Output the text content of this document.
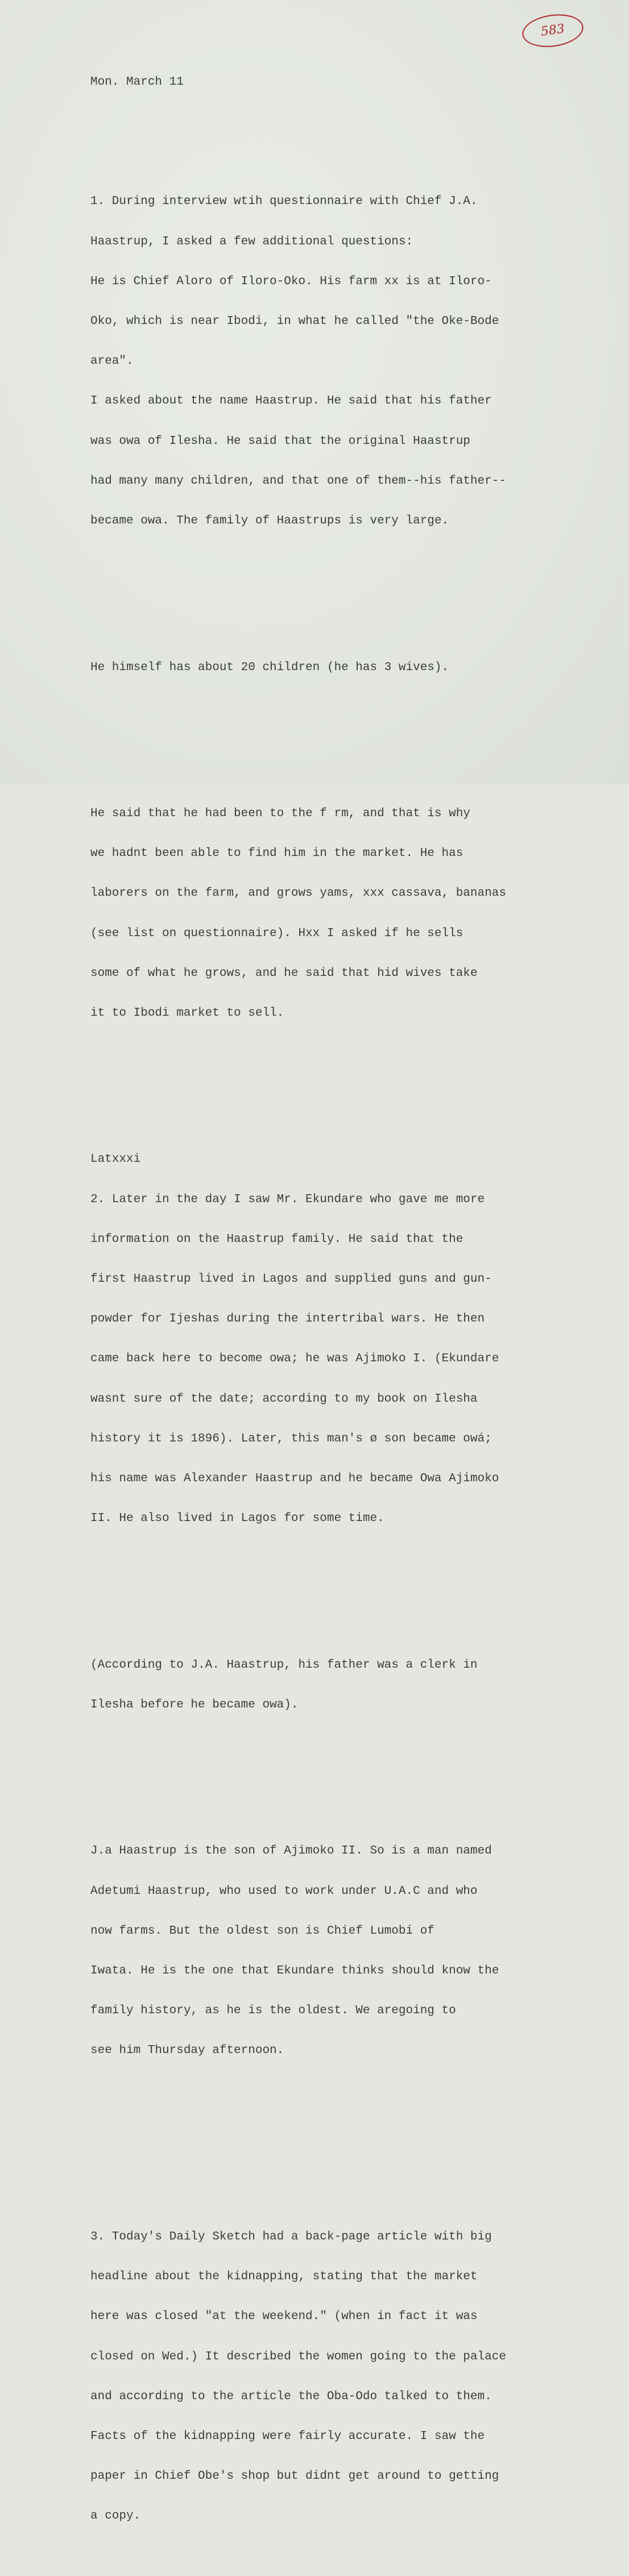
583

Mon. March 11

1. During interview wtih questionnaire with Chief J.A.

Haastrup, I asked a few additional questions:

He is Chief Aloro of Iloro-Oko. His farm xx is at Iloro-

Oko, which is near Ibodi, in what he called "the Oke-Bode

area".

I asked about the name Haastrup. He said that his father

was owa of Ilesha. He said that the original Haastrup

had many many children, and that one of them--his father--

became owa. The family of Haastrups is very large.

He himself has about 20 children (he has 3 wives).

He said that he had been to the f rm, and that is why

we hadnt been able to find him in the market. He has

laborers on the farm, and grows yams, xxx cassava, bananas

(see list on questionnaire). Hxx I asked if he sells

some of what he grows, and he said that hid wives take

it to Ibodi market to sell.

Latxxxi

2. Later in the day I saw Mr. Ekundare who gave me more

information on the Haastrup family. He said that the

first Haastrup lived in Lagos and supplied guns and gun-

powder for Ijeshas during the intertribal wars. He then

came back here to become owa; he was Ajimoko I. (Ekundare

wasnt sure of the date; according to my book on Ilesha

history it is 1896). Later, this man's ø son became owá;

his name was Alexander Haastrup and he became Owa Ajimoko

II. He also lived in Lagos for some time.

(According to J.A. Haastrup, his father was a clerk in

Ilesha before he became owa).

J.a Haastrup is the son of Ajimoko II. So is a man named

Adetumi Haastrup, who used to work under U.A.C and who

now farms. But the oldest son is Chief Lumobi of

Iwata. He is the one that Ekundare thinks should know the

family history, as he is the oldest. We aregoing to

see him Thursday afternoon.

3. Today's Daily Sketch had a back-page article with big

headline about the kidnapping, stating that the market

here was closed "at the weekend." (when in fact it was

closed on Wed.) It described the women going to the palace

and according to the article the Oba-Odo talked to them.

Facts of the kidnapping were fairly accurate. I saw the

paper in Chief Obe's shop but didnt get around to getting

a copy.
